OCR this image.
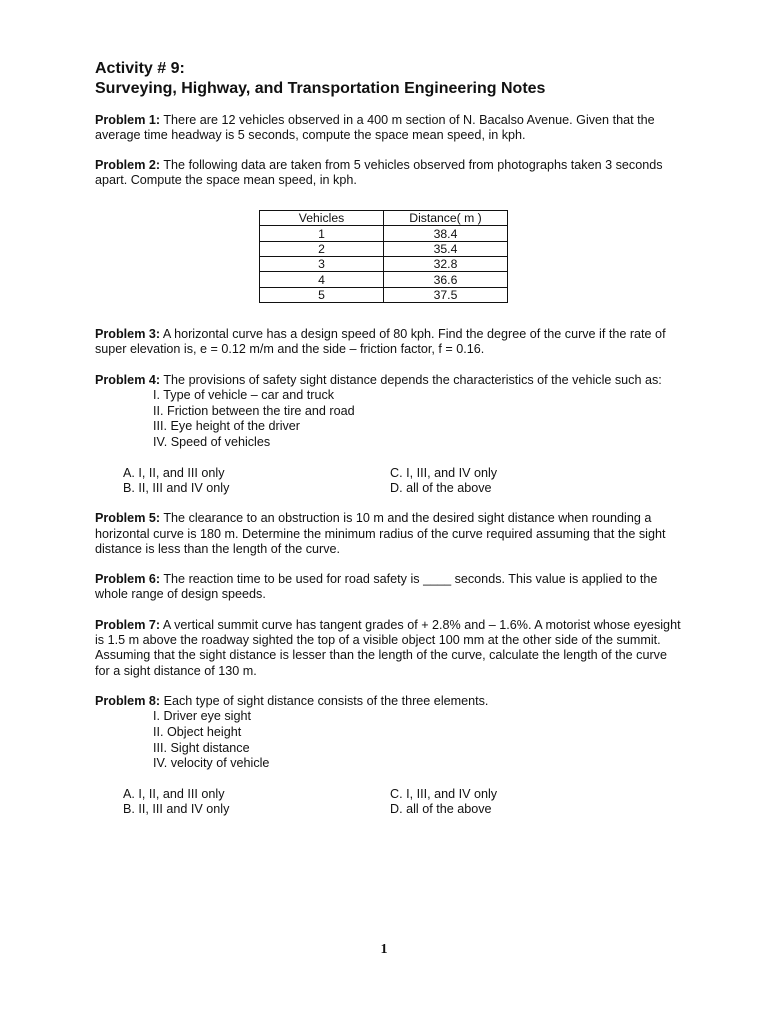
Activity # 9:
Surveying, Highway, and Transportation Engineering Notes

Problem 1: There are 12 vehicles observed in a 400 m section of N. Bacalso Avenue. Given that the average time headway is 5 seconds, compute the space mean speed, in kph.

Problem 2: The following data are taken from 5 vehicles observed from photographs taken 3 seconds apart. Compute the space mean speed, in kph.

Vehicles	Distance( m )
1	38.4
2	35.4
3	32.8
4	36.6
5	37.5

Problem 3: A horizontal curve has a design speed of 80 kph. Find the degree of the curve if the rate of super elevation is, e = 0.12 m/m and the side – friction factor, f = 0.16.

Problem 4: The provisions of safety sight distance depends the characteristics of the vehicle such as:

I. Type of vehicle – car and truck
II. Friction between the tire and road
III. Eye height of the driver
IV. Speed of vehicles
A. I, II, and III only	C. I, III, and IV only
B. II, III and IV only	D. all of the above

Problem 5: The clearance to an obstruction is 10 m and the desired sight distance when rounding a horizontal curve is 180 m. Determine the minimum radius of the curve required assuming that the sight distance is less than the length of the curve.

Problem 6: The reaction time to be used for road safety is ____ seconds. This value is applied to the whole range of design speeds.

Problem 7: A vertical summit curve has tangent grades of + 2.8% and – 1.6%. A motorist whose eyesight is 1.5 m above the roadway sighted the top of a visible object 100 mm at the other side of the summit. Assuming that the sight distance is lesser than the length of the curve, calculate the length of the curve for a sight distance of 130 m.

Problem 8: Each type of sight distance consists of the three elements.

I. Driver eye sight
II. Object height
III. Sight distance
IV. velocity of vehicle
A. I, II, and III only	C. I, III, and IV only
B. II, III and IV only	D. all of the above
1
